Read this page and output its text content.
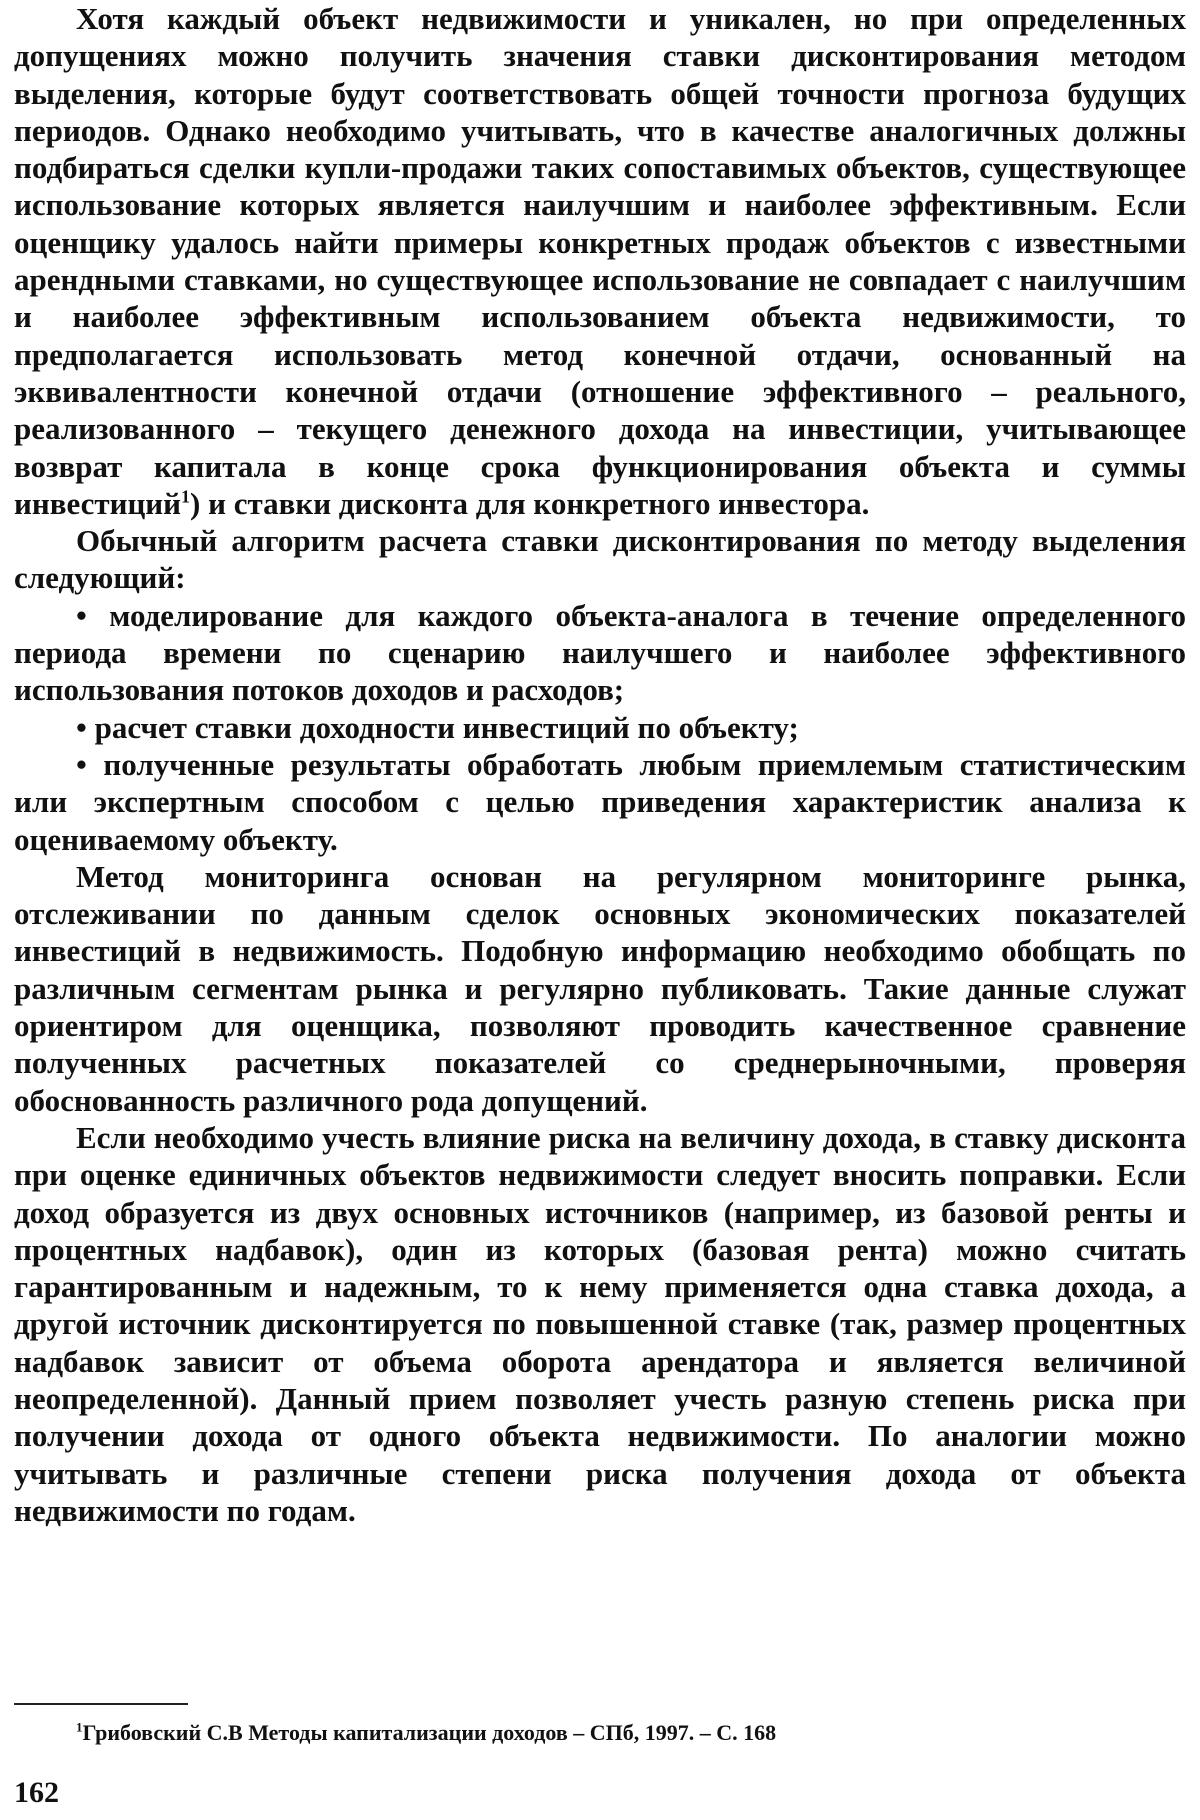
Хотя каждый объект недвижимости и уникален, но при определенных допущениях можно получить значения ставки дисконтирования методом выделения, которые будут соответствовать общей точности прогноза будущих периодов. Однако необходимо учитывать, что в качестве аналогичных должны подбираться сделки купли-продажи таких сопоставимых объектов, существующее использование которых является наилучшим и наиболее эффективным. Если оценщику удалось найти примеры конкретных продаж объектов с известными арендными ставками, но существующее использование не совпадает с наилучшим и наиболее эффективным использованием объекта недвижимости, то предполагается использовать метод конечной отдачи, основанный на эквивалентности конечной отдачи (отношение эффективного – реального, реализованного – текущего денежного дохода на инвестиции, учитывающее возврат капитала в конце срока функционирования объекта и суммы инвестиций$^1$) и ставки дисконта для конкретного инвестора.

Обычный алгоритм расчета ставки дисконтирования по методу выделения следующий:

• моделирование для каждого объекта-аналога в течение определенного периода времени по сценарию наилучшего и наиболее эффективного использования потоков доходов и расходов;

• расчет ставки доходности инвестиций по объекту;

• полученные результаты обработать любым приемлемым статистическим или экспертным способом с целью приведения характеристик анализа к оцениваемому объекту.

Метод мониторинга основан на регулярном мониторинге рынка, отслеживании по данным сделок основных экономических показателей инвестиций в недвижимость. Подобную информацию необходимо обобщать по различным сегментам рынка и регулярно публиковать. Такие данные служат ориентиром для оценщика, позволяют проводить качественное сравнение полученных расчетных показателей со среднерыночными, проверяя обоснованность различного рода допущений.

Если необходимо учесть влияние риска на величину дохода, в ставку дисконта при оценке единичных объектов недвижимости следует вносить поправки. Если доход образуется из двух основных источников (например, из базовой ренты и процентных надбавок), один из которых (базовая рента) можно считать гарантированным и надежным, то к нему применяется одна ставка дохода, а другой источник дисконтируется по повышенной ставке (так, размер процентных надбавок зависит от объема оборота арендатора и является величиной неопределенной). Данный прием позволяет учесть разную степень риска при получении дохода от одного объекта недвижимости. По аналогии можно учитывать и различные степени риска получения дохода от объекта недвижимости по годам.

$^1$Грибовский С.В Методы капитализации доходов – СПб, 1997. – С. 168
162
